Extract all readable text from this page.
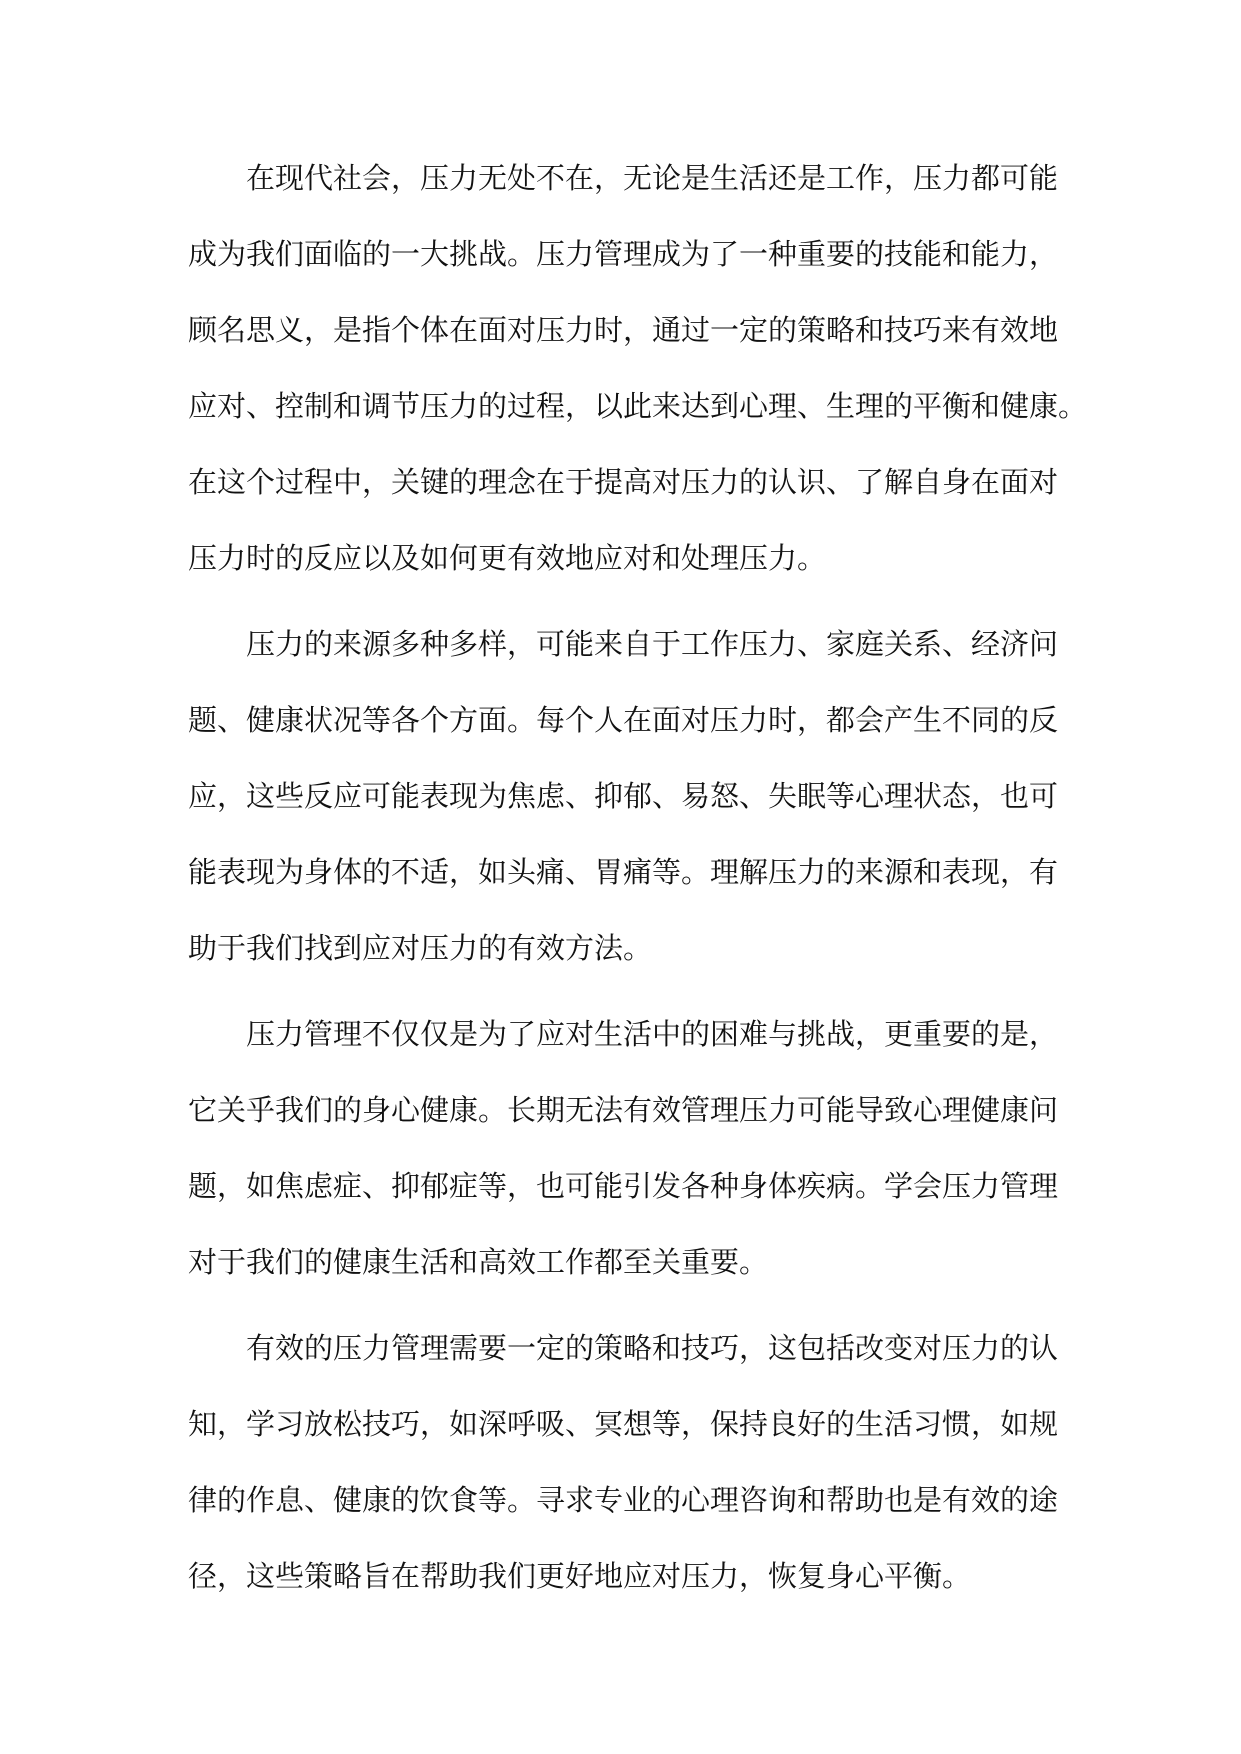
在现代社会，压力无处不在，无论是生活还是工作，压力都可能
成为我们面临的一大挑战。压力管理成为了一种重要的技能和能力，
顾名思义，是指个体在面对压力时，通过一定的策略和技巧来有效地
应对、控制和调节压力的过程，以此来达到心理、生理的平衡和健康。
在这个过程中，关键的理念在于提高对压力的认识、了解自身在面对
压力时的反应以及如何更有效地应对和处理压力。
压力的来源多种多样，可能来自于工作压力、家庭关系、经济问
题、健康状况等各个方面。每个人在面对压力时，都会产生不同的反
应，这些反应可能表现为焦虑、抑郁、易怒、失眠等心理状态，也可
能表现为身体的不适，如头痛、胃痛等。理解压力的来源和表现，有
助于我们找到应对压力的有效方法。
压力管理不仅仅是为了应对生活中的困难与挑战，更重要的是，
它关乎我们的身心健康。长期无法有效管理压力可能导致心理健康问
题，如焦虑症、抑郁症等，也可能引发各种身体疾病。学会压力管理
对于我们的健康生活和高效工作都至关重要。
有效的压力管理需要一定的策略和技巧，这包括改变对压力的认
知，学习放松技巧，如深呼吸、冥想等，保持良好的生活习惯，如规
律的作息、健康的饮食等。寻求专业的心理咨询和帮助也是有效的途
径，这些策略旨在帮助我们更好地应对压力，恢复身心平衡。
